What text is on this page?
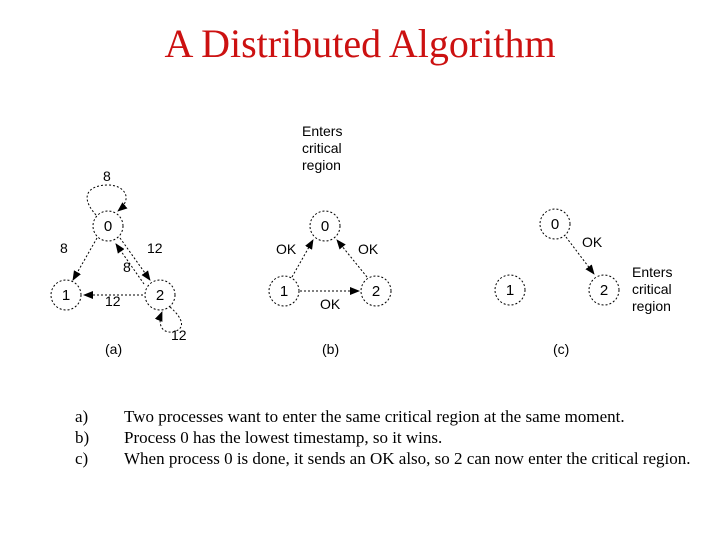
A Distributed Algorithm
0
1	2
8
8	12
8
12
12
(a)
Enters
critical
region
0
1	2
OK	OK
OK
(b)
0
1	2
OK
Enters
critical
region
(c)
a)	Two processes want to enter the same critical region at the same moment.
b)	Process 0 has the lowest timestamp, so it wins.
c)	When process 0 is done, it sends an OK also, so 2 can now enter the critical region.
